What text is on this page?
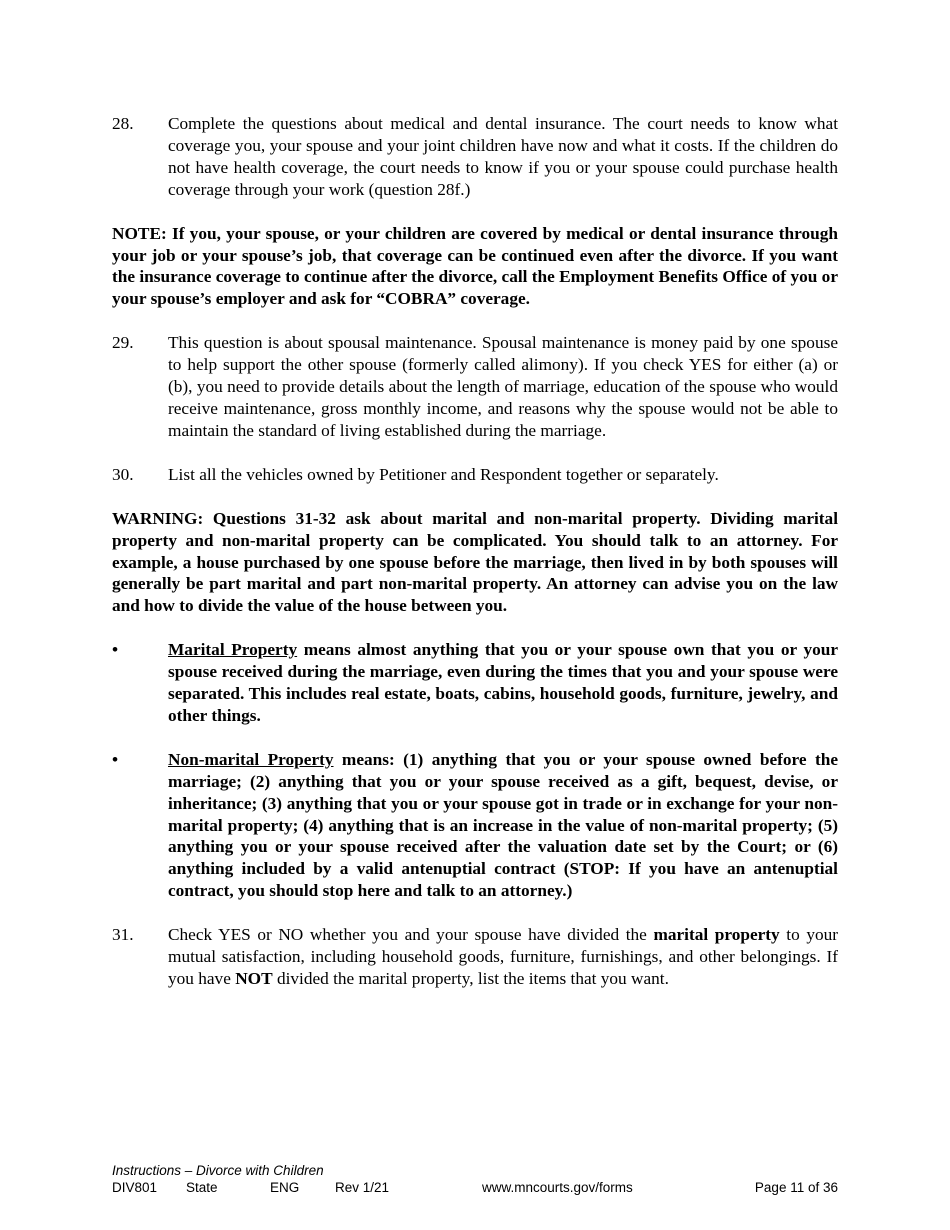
28.	Complete the questions about medical and dental insurance. The court needs to know what coverage you, your spouse and your joint children have now and what it costs. If the children do not have health coverage, the court needs to know if you or your spouse could purchase health coverage through your work (question 28f.)
NOTE: If you, your spouse, or your children are covered by medical or dental insurance through your job or your spouse’s job, that coverage can be continued even after the divorce. If you want the insurance coverage to continue after the divorce, call the Employment Benefits Office of you or your spouse’s employer and ask for “COBRA” coverage.
29.	This question is about spousal maintenance. Spousal maintenance is money paid by one spouse to help support the other spouse (formerly called alimony). If you check YES for either (a) or (b), you need to provide details about the length of marriage, education of the spouse who would receive maintenance, gross monthly income, and reasons why the spouse would not be able to maintain the standard of living established during the marriage.
30.	List all the vehicles owned by Petitioner and Respondent together or separately.
WARNING: Questions 31-32 ask about marital and non-marital property. Dividing marital property and non-marital property can be complicated. You should talk to an attorney. For example, a house purchased by one spouse before the marriage, then lived in by both spouses will generally be part marital and part non-marital property. An attorney can advise you on the law and how to divide the value of the house between you.
•	Marital Property means almost anything that you or your spouse own that you or your spouse received during the marriage, even during the times that you and your spouse were separated. This includes real estate, boats, cabins, household goods, furniture, jewelry, and other things.
•	Non-marital Property means: (1) anything that you or your spouse owned before the marriage; (2) anything that you or your spouse received as a gift, bequest, devise, or inheritance; (3) anything that you or your spouse got in trade or in exchange for your non-marital property; (4) anything that is an increase in the value of non-marital property; (5) anything you or your spouse received after the valuation date set by the Court; or (6) anything included by a valid antenuptial contract (STOP: If you have an antenuptial contract, you should stop here and talk to an attorney.)
31.	Check YES or NO whether you and your spouse have divided the marital property to your mutual satisfaction, including household goods, furniture, furnishings, and other belongings. If you have NOT divided the marital property, list the items that you want.
Instructions – Divorce with Children
DIV801 State	ENG	Rev 1/21	www.mncourts.gov/forms	Page 11 of 36
